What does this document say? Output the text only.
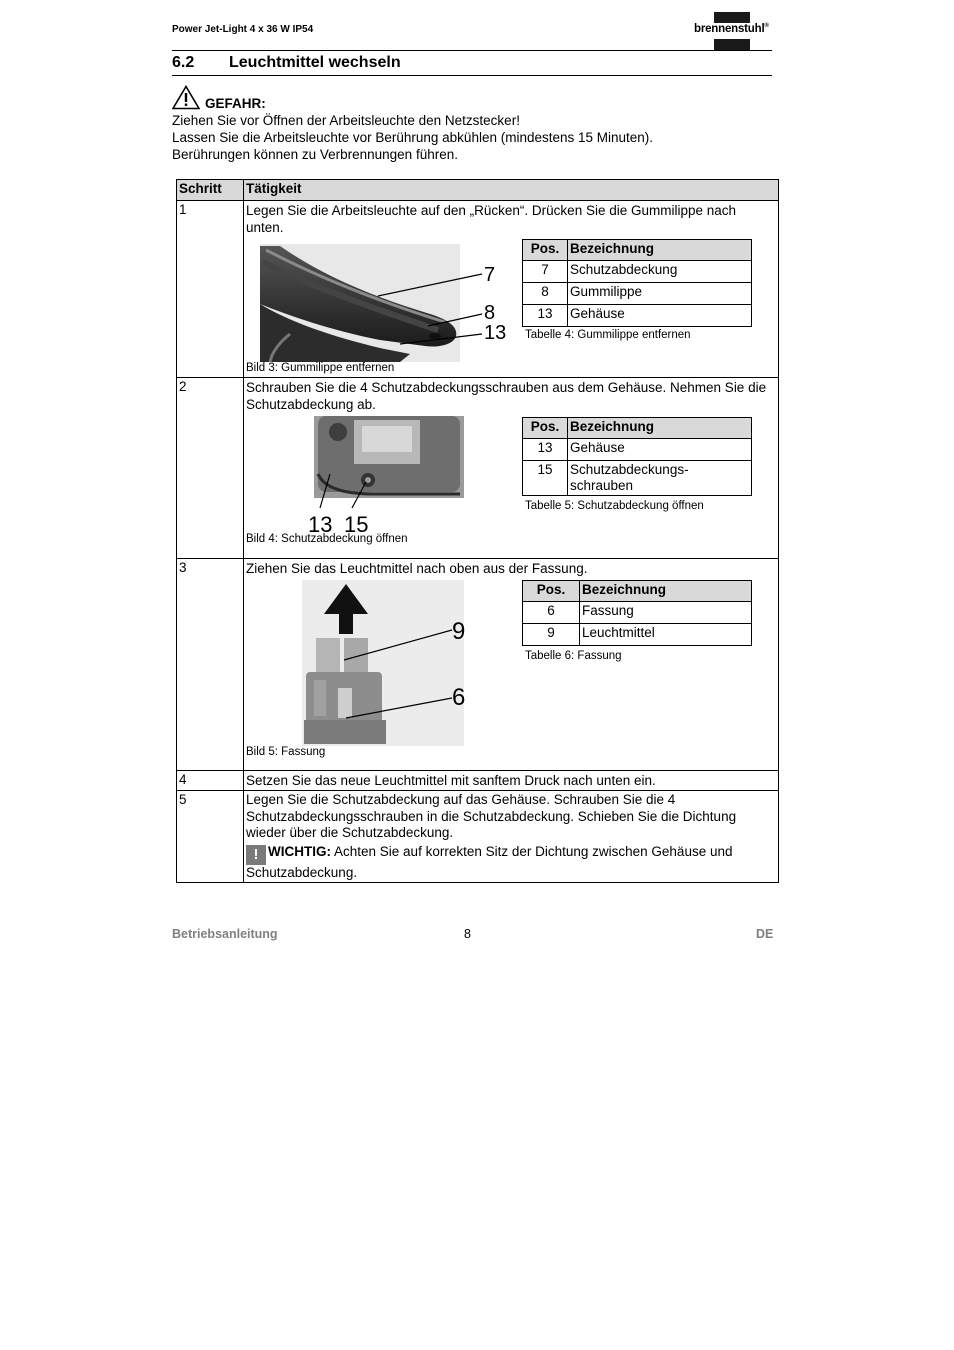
Power Jet-Light 4 x 36 W IP54	brennenstuhl®
6.2 Leuchtmittel wechseln
GEFAHR:
Ziehen Sie vor Öffnen der Arbeitsleuchte den Netzstecker!
Lassen Sie die Arbeitsleuchte vor Berührung abkühlen (mindestens 15 Minuten).
Berührungen können zu Verbrennungen führen.
Schritt	Tätigkeit
1	Legen Sie die Arbeitsleuchte auf den „Rücken“. Drücken Sie die Gummilippe nach unten.
7
8
13
Bild 3: Gummilippe entfernen
Pos.	Bezeichnung
7	Schutzabdeckung
8	Gummilippe
13	Gehäuse
Tabelle 4: Gummilippe entfernen

2	Schrauben Sie die 4 Schutzabdeckungsschrauben aus dem Gehäuse. Nehmen Sie die Schutzabdeckung ab.
13 15
Bild 4: Schutzabdeckung öffnen
Pos.	Bezeichnung
13	Gehäuse
15	Schutzabdeckungs-
schrauben
Tabelle 5: Schutzabdeckung öffnen

3	Ziehen Sie das Leuchtmittel nach oben aus der Fassung.
9
6
Bild 5: Fassung
Pos.	Bezeichnung
6	Fassung
9	Leuchtmittel
Tabelle 6: Fassung

4	Setzen Sie das neue Leuchtmittel mit sanftem Druck nach unten ein.
5	Legen Sie die Schutzabdeckung auf das Gehäuse. Schrauben Sie die 4 Schutzabdeckungsschrauben in die Schutzabdeckung. Schieben Sie die Dichtung wieder über die Schutzabdeckung.
! WICHTIG: Achten Sie auf korrekten Sitz der Dichtung zwischen Gehäuse und Schutzabdeckung.
Betriebsanleitung	8	DE
